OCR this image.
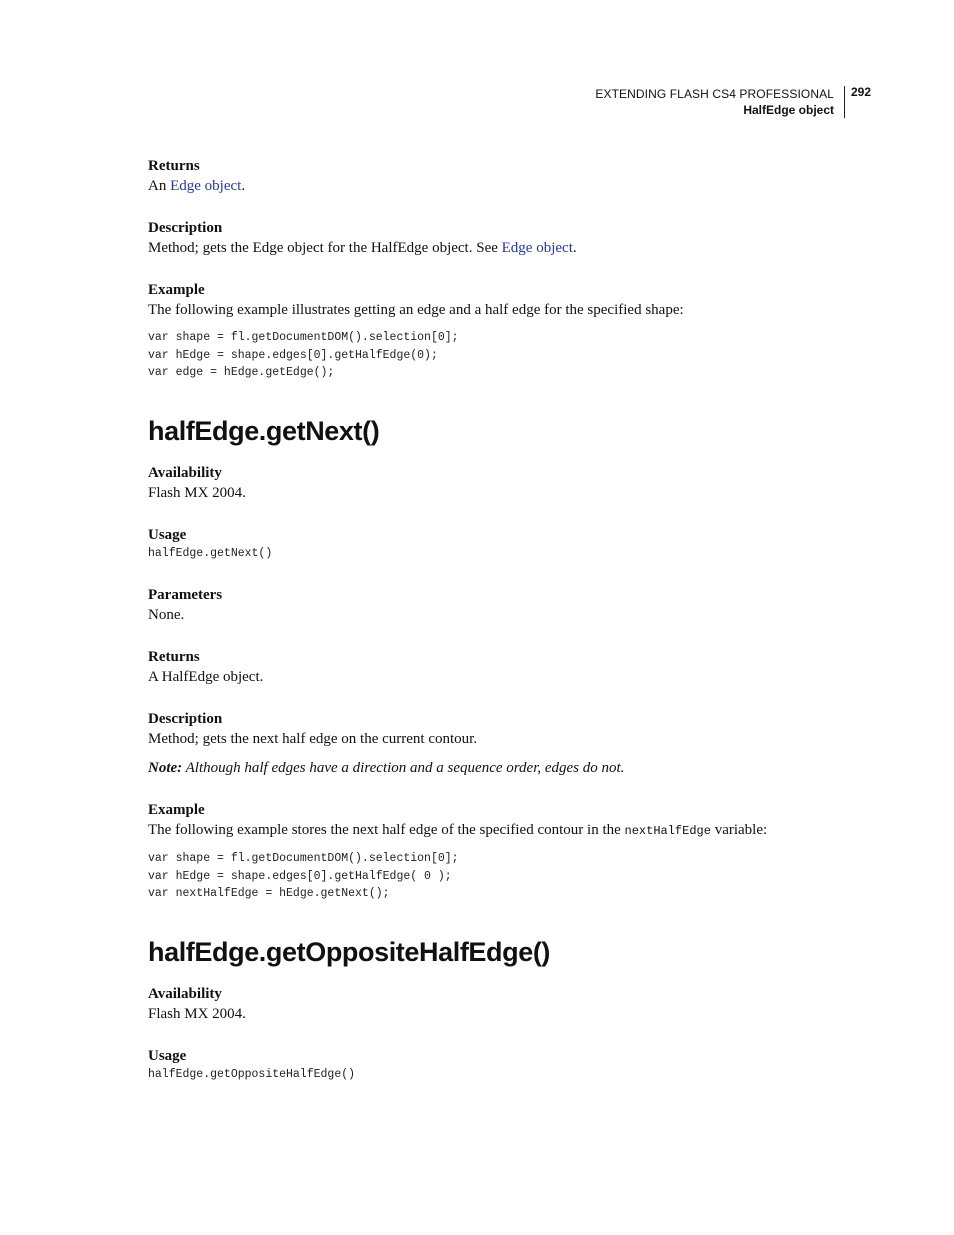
EXTENDING FLASH CS4 PROFESSIONAL
HalfEdge object
292

Returns

An Edge object.

Description

Method; gets the Edge object for the HalfEdge object. See Edge object.

Example

The following example illustrates getting an edge and a half edge for the specified shape:

var shape = fl.getDocumentDOM().selection[0];

var hEdge = shape.edges[0].getHalfEdge(0);

var edge = hEdge.getEdge();

halfEdge.getNext()

Availability

Flash MX 2004.

Usage

halfEdge.getNext()

Parameters

None.

Returns

A HalfEdge object.

Description

Method; gets the next half edge on the current contour.

Note: Although half edges have a direction and a sequence order, edges do not.

Example

The following example stores the next half edge of the specified contour in the nextHalfEdge variable:

var shape = fl.getDocumentDOM().selection[0];

var hEdge = shape.edges[0].getHalfEdge( 0 );

var nextHalfEdge = hEdge.getNext();

halfEdge.getOppositeHalfEdge()

Availability

Flash MX 2004.

Usage

halfEdge.getOppositeHalfEdge()
